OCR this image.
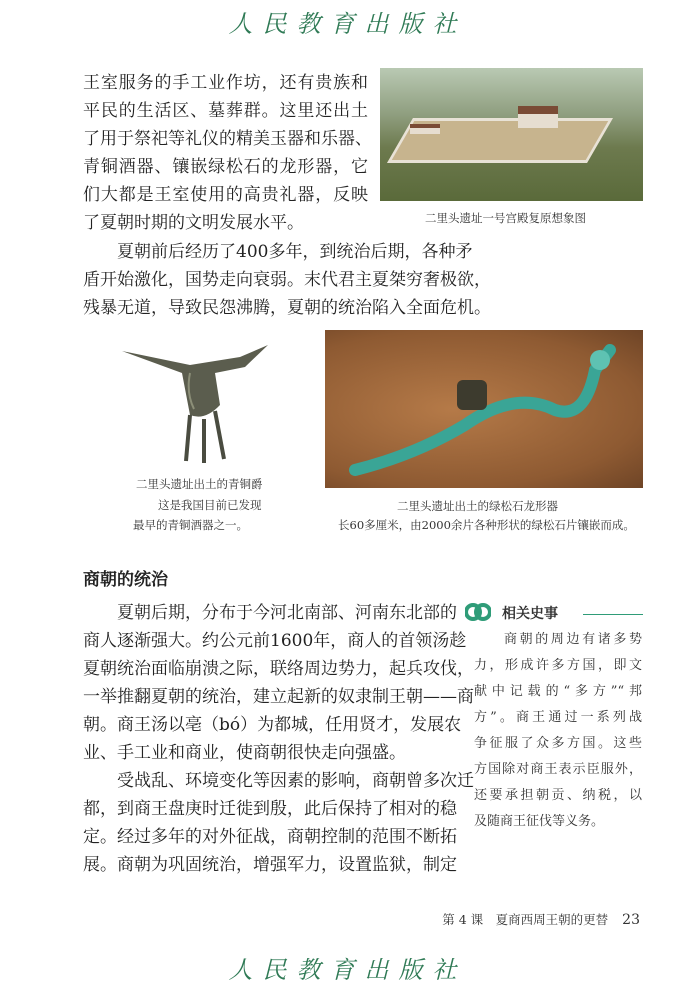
人民教育出版社
王室服务的手工业作坊，还有贵族和
平民的生活区、墓葬群。这里还出土
了用于祭祀等礼仪的精美玉器和乐器、
青铜酒器、镶嵌绿松石的龙形器，它
们大都是王室使用的高贵礼器，反映
了夏朝时期的文明发展水平。
夏朝前后经历了400多年，到统治后期，各种矛
盾开始激化，国势走向衰弱。末代君主夏桀穷奢极欲，
残暴无道，导致民怨沸腾，夏朝的统治陷入全面危机。
二里头遗址一号宫殿复原想象图
二里头遗址出土的青铜爵
这是我国目前已发现
最早的青铜酒器之一。
二里头遗址出土的绿松石龙形器
长60多厘米，由2000余片各种形状的绿松石片镶嵌而成。
商朝的统治
夏朝后期，分布于今河北南部、河南东北部的
商人逐渐强大。约公元前1600年，商人的首领汤趁
夏朝统治面临崩溃之际，联络周边势力，起兵攻伐，
一举推翻夏朝的统治，建立起新的奴隶制王朝——商
朝。商王汤以亳（bó）为都城，任用贤才，发展农
业、手工业和商业，使商朝很快走向强盛。
受战乱、环境变化等因素的影响，商朝曾多次迁
都，到商王盘庚时迁徙到殷，此后保持了相对的稳
定。经过多年的对外征战，商朝控制的范围不断拓
展。商朝为巩固统治，增强军力，设置监狱，制定
相关史事
商朝的周边有诸多势
力，形成许多方国，即文
献中记载的“多方”“邦
方”。商王通过一系列战
争征服了众多方国。这些
方国除对商王表示臣服外，
还要承担朝贡、纳税，以
及随商王征伐等义务。
第 4 课　夏商西周王朝的更替 23
人民教育出版社
